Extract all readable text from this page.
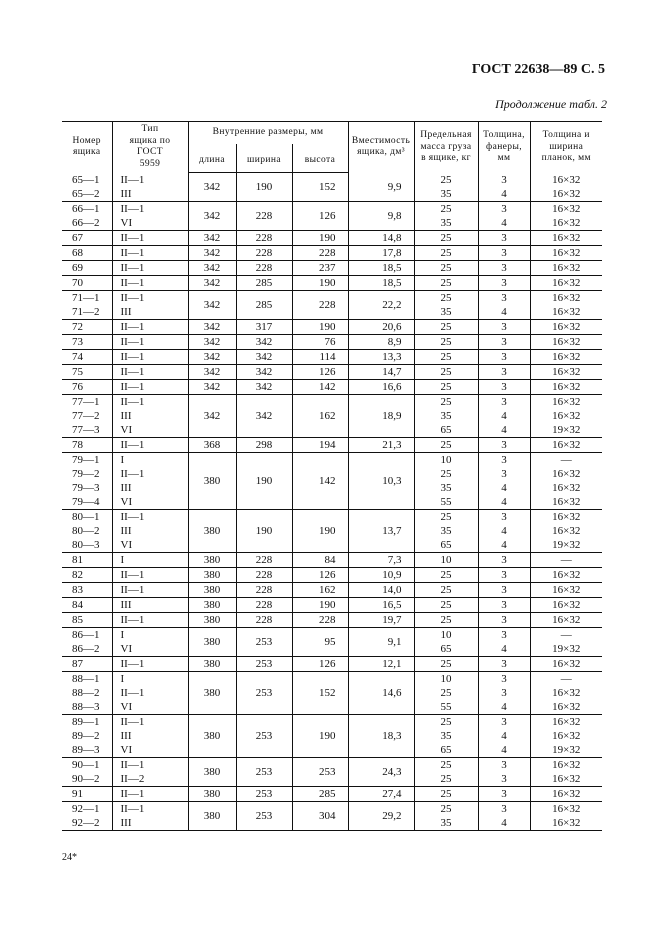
ГОСТ 22638—89 С. 5
Продолжение табл. 2
Номер ящика	Тип ящика по ГОСТ 5959	Внутренние размеры, мм			Вместимость ящика, дм³	Предельная масса груза в ящике, кг	Толщина, фанеры, мм	Толщина и ширина планок, мм
		длина	ширина	высота				
65—1	II—1	342	190	152	9,9	25	3	16×32
65—2	III					35	4	16×32
66—1	II—1	342	228	126	9,8	25	3	16×32
66—2	VI					35	4	16×32
67	II—1	342	228	190	14,8	25	3	16×32
68	II—1	342	228	228	17,8	25	3	16×32
69	II—1	342	228	237	18,5	25	3	16×32
70	II—1	342	285	190	18,5	25	3	16×32
71—1	II—1	342	285	228	22,2	25	3	16×32
71—2	III					35	4	16×32
72	II—1	342	317	190	20,6	25	3	16×32
73	II—1	342	342	76	8,9	25	3	16×32
74	II—1	342	342	114	13,3	25	3	16×32
75	II—1	342	342	126	14,7	25	3	16×32
76	II—1	342	342	142	16,6	25	3	16×32
77—1	II—1	342	342	162	18,9	25	3	16×32
77—2	III					35	4	16×32
77—3	VI					65	4	19×32
78	II—1	368	298	194	21,3	25	3	16×32
79—1	I	380	190	142	10,3	10	3	—
79—2	II—1					25	3	16×32
79—3	III					35	4	16×32
79—4	VI					55	4	16×32
80—1	II—1	380	190	190	13,7	25	3	16×32
80—2	III					35	4	16×32
80—3	VI					65	4	19×32
81	I	380	228	84	7,3	10	3	—
82	II—1	380	228	126	10,9	25	3	16×32
83	II—1	380	228	162	14,0	25	3	16×32
84	III	380	228	190	16,5	25	3	16×32
85	II—1	380	228	228	19,7	25	3	16×32
86—1	I	380	253	95	9,1	10	3	—
86—2	VI					65	4	19×32
87	II—1	380	253	126	12,1	25	3	16×32
88—1	I	380	253	152	14,6	10	3	—
88—2	II—1					25	3	16×32
88—3	VI					55	4	16×32
89—1	II—1	380	253	190	18,3	25	3	16×32
89—2	III					35	4	16×32
89—3	VI					65	4	19×32
90—1	II—1	380	253	253	24,3	25	3	16×32
90—2	II—2					25	3	16×32
91	II—1	380	253	285	27,4	25	3	16×32
92—1	II—1	380	253	304	29,2	25	3	16×32
92—2	III					35	4	16×32
24*
